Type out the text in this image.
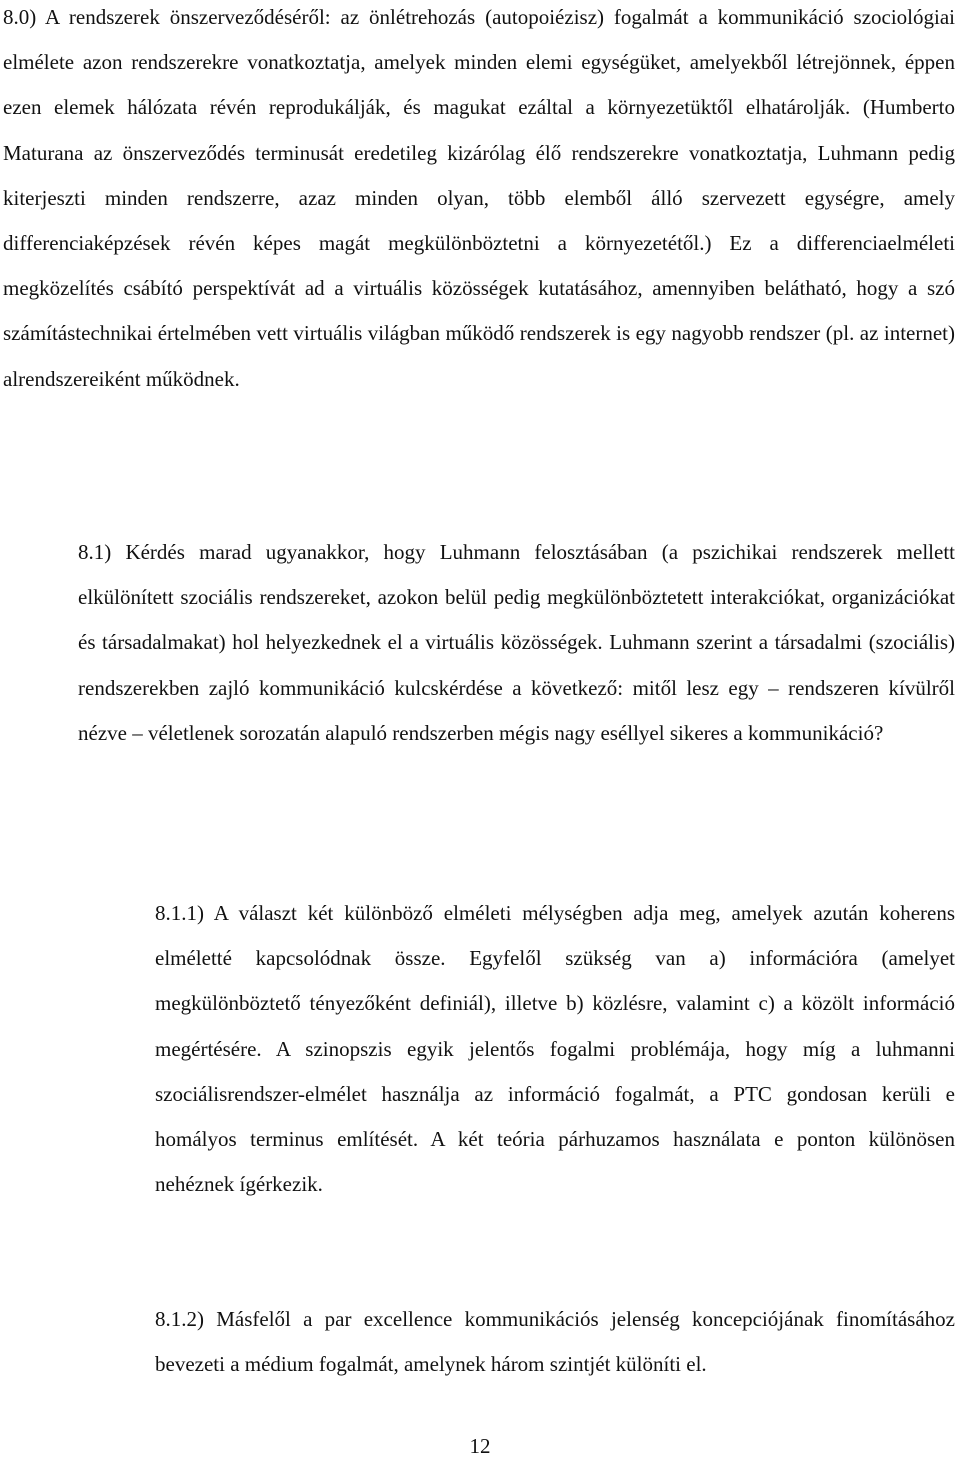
8.0) A rendszerek önszerveződéséről: az önlétrehozás (autopoiézisz) fogalmát a kommunikáció szociológiai elmélete azon rendszerekre vonatkoztatja, amelyek minden elemi egységüket, amelyekből létrejönnek, éppen ezen elemek hálózata révén reprodukálják, és magukat ezáltal a környezetüktől elhatárolják. (Humberto Maturana az önszerveződés terminusát eredetileg kizárólag élő rendszerekre vonatkoztatja, Luhmann pedig kiterjeszti minden rendszerre, azaz minden olyan, több elemből álló szervezett egységre, amely differenciaképzések révén képes magát megkülönböztetni a környezetétől.) Ez a differenciaelméleti megközelítés csábító perspektívát ad a virtuális közösségek kutatásához, amennyiben belátható, hogy a szó számítástechnikai értelmében vett virtuális világban működő rendszerek is egy nagyobb rendszer (pl. az internet) alrendszereiként működnek.

8.1) Kérdés marad ugyanakkor, hogy Luhmann felosztásában (a pszichikai rendszerek mellett elkülönített szociális rendszereket, azokon belül pedig megkülönböztetett interakciókat, organizációkat és társadalmakat) hol helyezkednek el a virtuális közösségek. Luhmann szerint a társadalmi (szociális) rendszerekben zajló kommunikáció kulcskérdése a következő: mitől lesz egy – rendszeren kívülről nézve – véletlenek sorozatán alapuló rendszerben mégis nagy eséllyel sikeres a kommunikáció?

8.1.1) A választ két különböző elméleti mélységben adja meg, amelyek azután koherens elméletté kapcsolódnak össze. Egyfelől szükség van a) információra (amelyet megkülönböztető tényezőként definiál), illetve b) közlésre, valamint c) a közölt információ megértésére. A szinopszis egyik jelentős fogalmi problémája, hogy míg a luhmanni szociálisrendszer-elmélet használja az információ fogalmát, a PTC gondosan kerüli e homályos terminus említését. A két teória párhuzamos használata e ponton különösen nehéznek ígérkezik.

8.1.2) Másfelől a par excellence kommunikációs jelenség koncepciójának finomításához bevezeti a médium fogalmát, amelynek három szintjét különíti el.

12
